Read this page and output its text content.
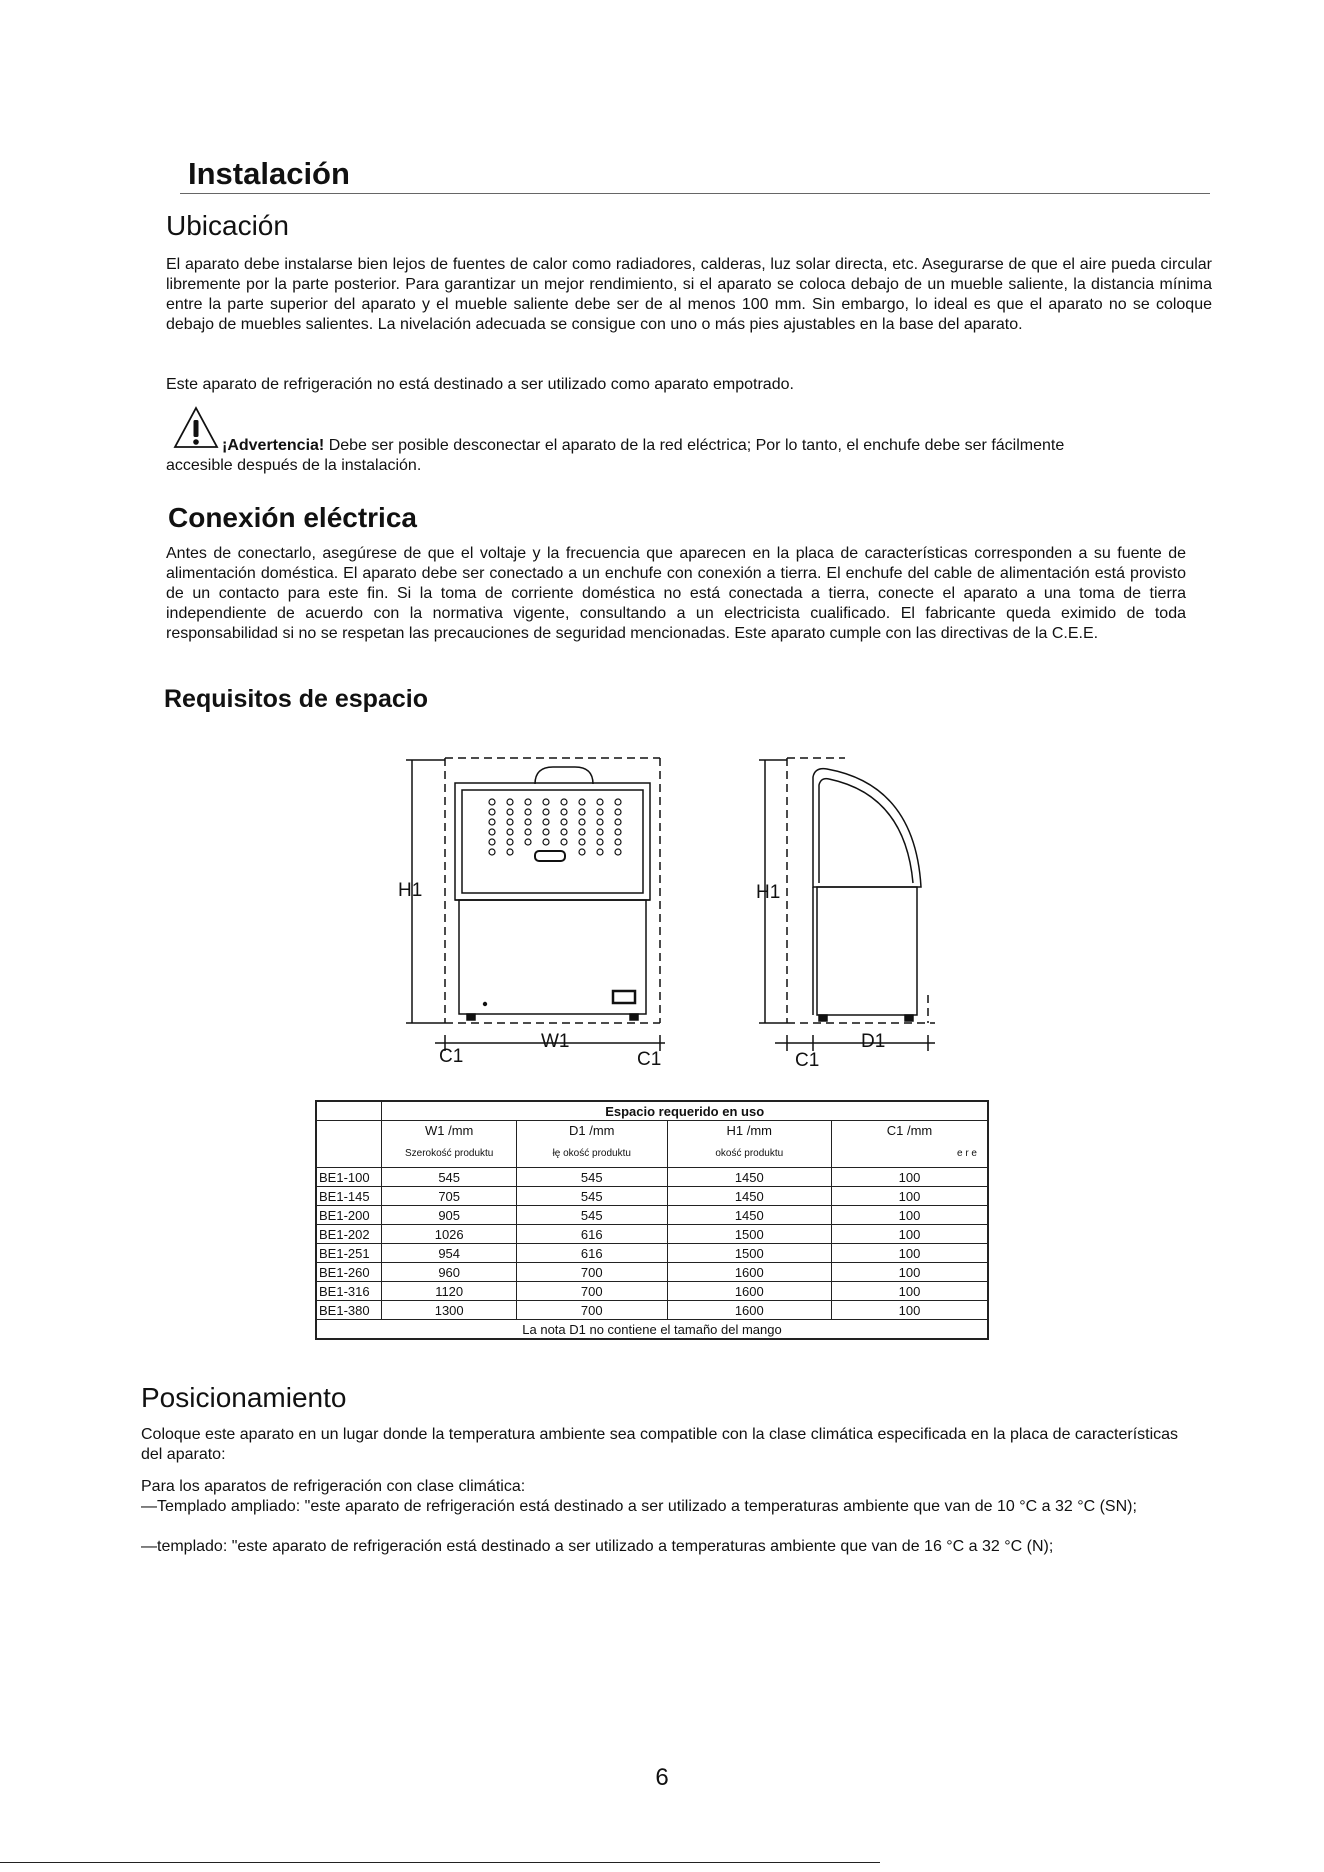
Instalación
Ubicación
El aparato debe instalarse bien lejos de fuentes de calor como radiadores, calderas, luz solar directa, etc. Asegurarse de que el aire pueda circular libremente por la parte posterior. Para garantizar un mejor rendimiento, si el aparato se coloca debajo de un mueble saliente, la distancia mínima entre la parte superior del aparato y el mueble saliente debe ser de al menos 100 mm. Sin embargo, lo ideal es que el aparato no se coloque debajo de muebles salientes. La nivelación adecuada se consigue con uno o más pies ajustables en la base del aparato.
Este aparato de refrigeración no está destinado a ser utilizado como aparato empotrado.
¡Advertencia! Debe ser posible desconectar el aparato de la red eléctrica; Por lo tanto, el enchufe debe ser fácilmente
accesible después de la instalación.
Conexión eléctrica
Antes de conectarlo, asegúrese de que el voltaje y la frecuencia que aparecen en la placa de características corresponden a su fuente de alimentación doméstica. El aparato debe ser conectado a un enchufe con conexión a tierra. El enchufe del cable de alimentación está provisto de un contacto para este fin. Si la toma de corriente doméstica no está conectada a tierra, conecte el aparato a una toma de tierra independiente de acuerdo con la normativa vigente, consultando a un electricista cualificado. El fabricante queda eximido de toda responsabilidad si no se respetan las precauciones de seguridad mencionadas. Este aparato cumple con las directivas de la C.E.E.
Requisitos de espacio
H1
W1
C1	C1
H1
D1
C1
	Espacio requerido en uso			
	W1 /mm	D1 /mm	H1 /mm	C1 /mm
	Szerokość produktu	łę okość produktu	okość produktu	e r e
BE1-100	545	545	1450	100
BE1-145	705	545	1450	100
BE1-200	905	545	1450	100
BE1-202	1026	616	1500	100
BE1-251	954	616	1500	100
BE1-260	960	700	1600	100
BE1-316	1120	700	1600	100
BE1-380	1300	700	1600	100
La nota D1 no contiene el tamaño del mango				
Posicionamiento
Coloque este aparato en un lugar donde la temperatura ambiente sea compatible con la clase climática especificada en la placa de características del aparato:
Para los aparatos de refrigeración con clase climática:
—Templado ampliado: "este aparato de refrigeración está destinado a ser utilizado a temperaturas ambiente que van de 10 °C a 32 °C (SN);
—templado: "este aparato de refrigeración está destinado a ser utilizado a temperaturas ambiente que van de 16 °C a 32 °C (N);
6
